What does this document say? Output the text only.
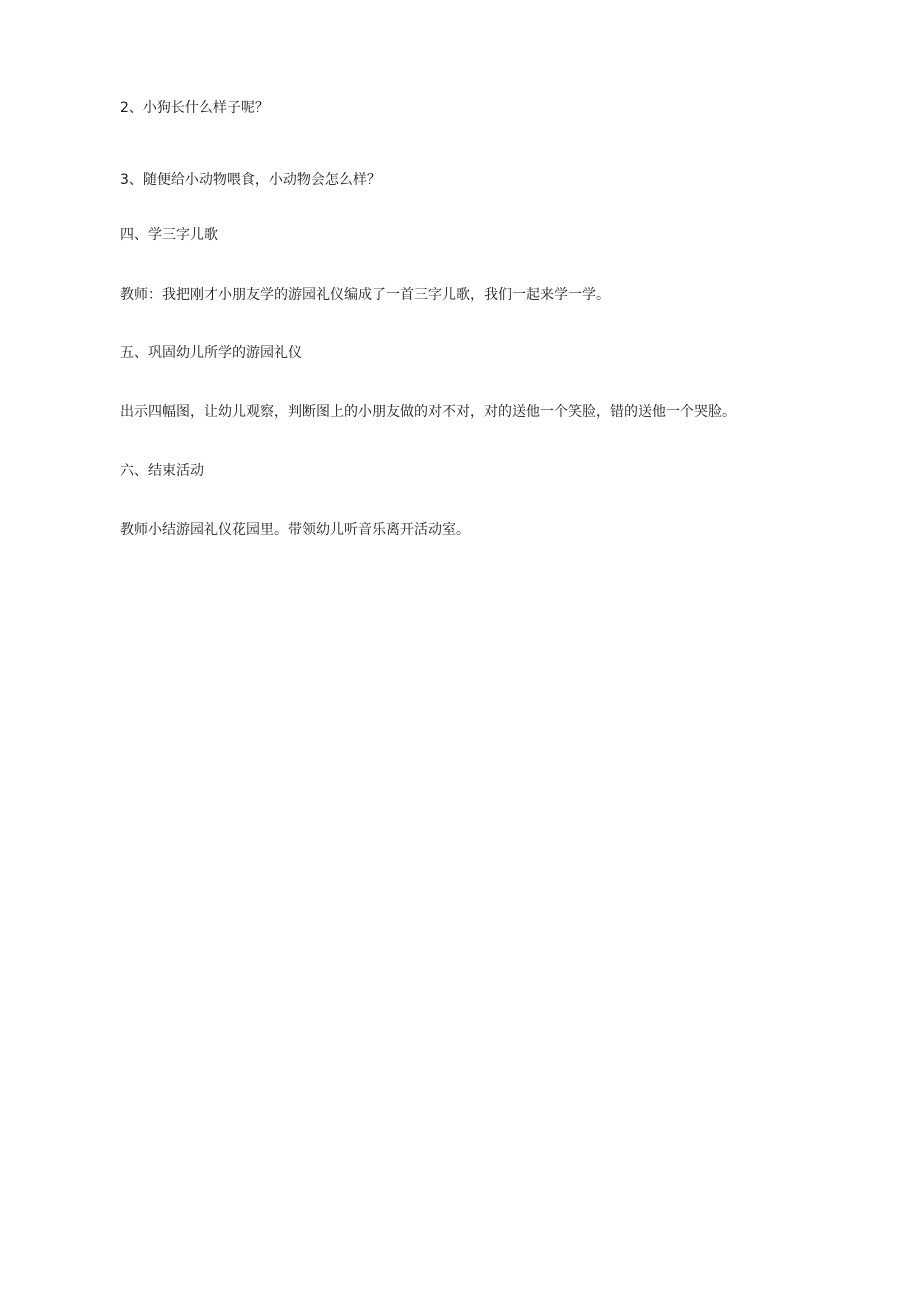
2、小狗长什么样子呢？
3、随便给小动物喂食，小动物会怎么样？
四、学三字儿歌
教师：我把刚才小朋友学的游园礼仪编成了一首三字儿歌，我们一起来学一学。
五、巩固幼儿所学的游园礼仪
出示四幅图，让幼儿观察，判断图上的小朋友做的对不对，对的送他一个笑脸，错的送他一个哭脸。
六、结束活动
教师小结游园礼仪花园里。带领幼儿听音乐离开活动室。
